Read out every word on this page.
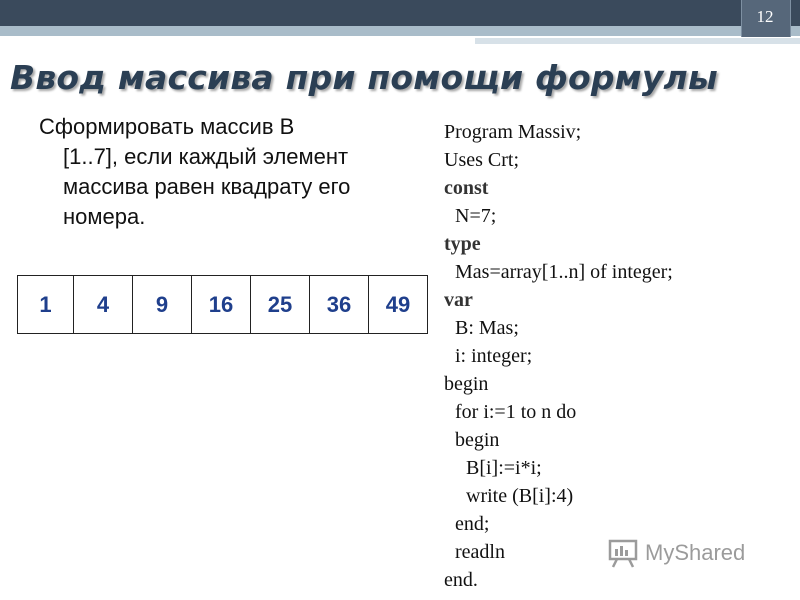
12
Ввод массива при помощи формулы
Сформировать массив В
[1..7], если каждый элемент
массива равен квадрату его
номера.
1	4	9	16	25	36	49
Program Massiv;
Uses Crt;
const
N=7;
type
Mas=array[1..n] of integer;
var
B: Mas;
i: integer;
begin
for i:=1 to n do
begin
B[i]:=i*i;
write (B[i]:4)
end;
readln
end.
MyShared
